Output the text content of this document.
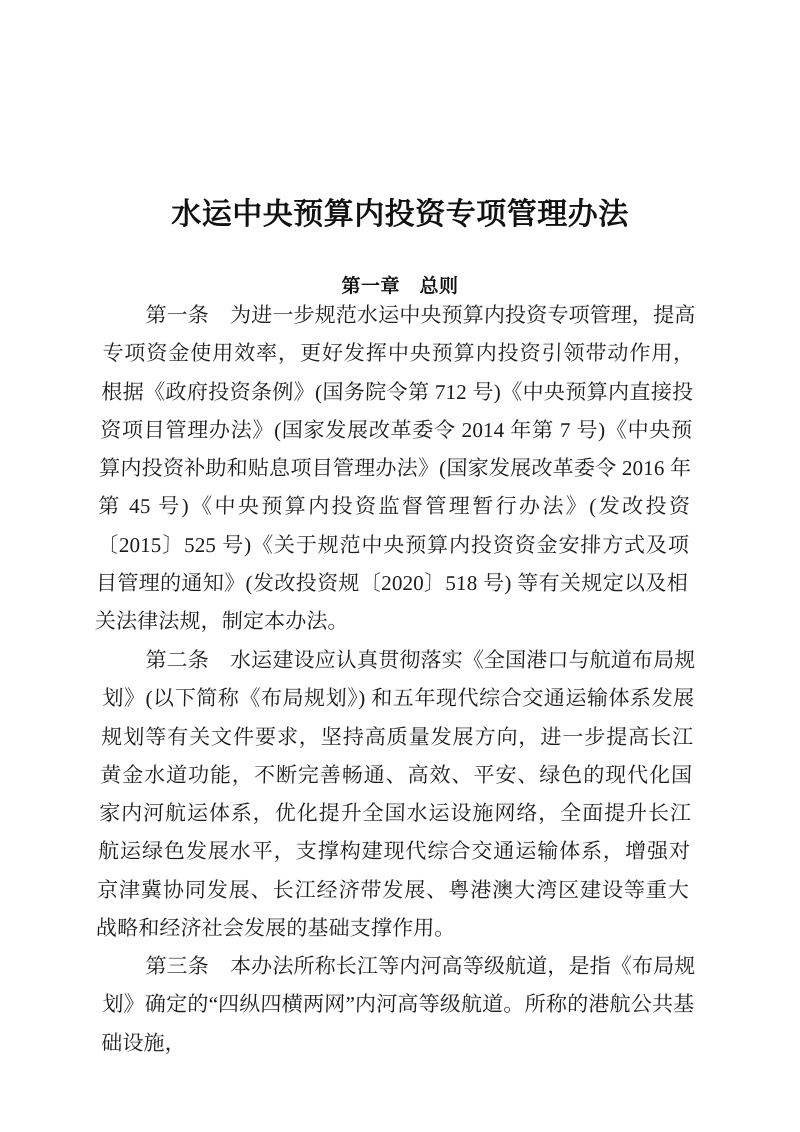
水运中央预算内投资专项管理办法
第一章　总则

第一条　为进一步规范水运中央预算内投资专项管理，提高专项资金使用效率，更好发挥中央预算内投资引领带动作用，根据《政府投资条例》(国务院令第 712 号)《中央预算内直接投资项目管理办法》(国家发展改革委令 2014 年第 7 号)《中央预算内投资补助和贴息项目管理办法》(国家发展改革委令 2016 年第 45 号)《中央预算内投资监督管理暂行办法》(发改投资〔2015〕525 号)《关于规范中央预算内投资资金安排方式及项目管理的通知》(发改投资规〔2020〕518 号) 等有关规定以及相关法律法规，制定本办法。

第二条　水运建设应认真贯彻落实《全国港口与航道布局规划》(以下简称《布局规划》) 和五年现代综合交通运输体系发展规划等有关文件要求，坚持高质量发展方向，进一步提高长江黄金水道功能，不断完善畅通、高效、平安、绿色的现代化国家内河航运体系，优化提升全国水运设施网络，全面提升长江航运绿色发展水平，支撑构建现代综合交通运输体系，增强对京津冀协同发展、长江经济带发展、粤港澳大湾区建设等重大战略和经济社会发展的基础支撑作用。

第三条　本办法所称长江等内河高等级航道，是指《布局规划》确定的“四纵四横两网”内河高等级航道。所称的港航公共基础设施，
